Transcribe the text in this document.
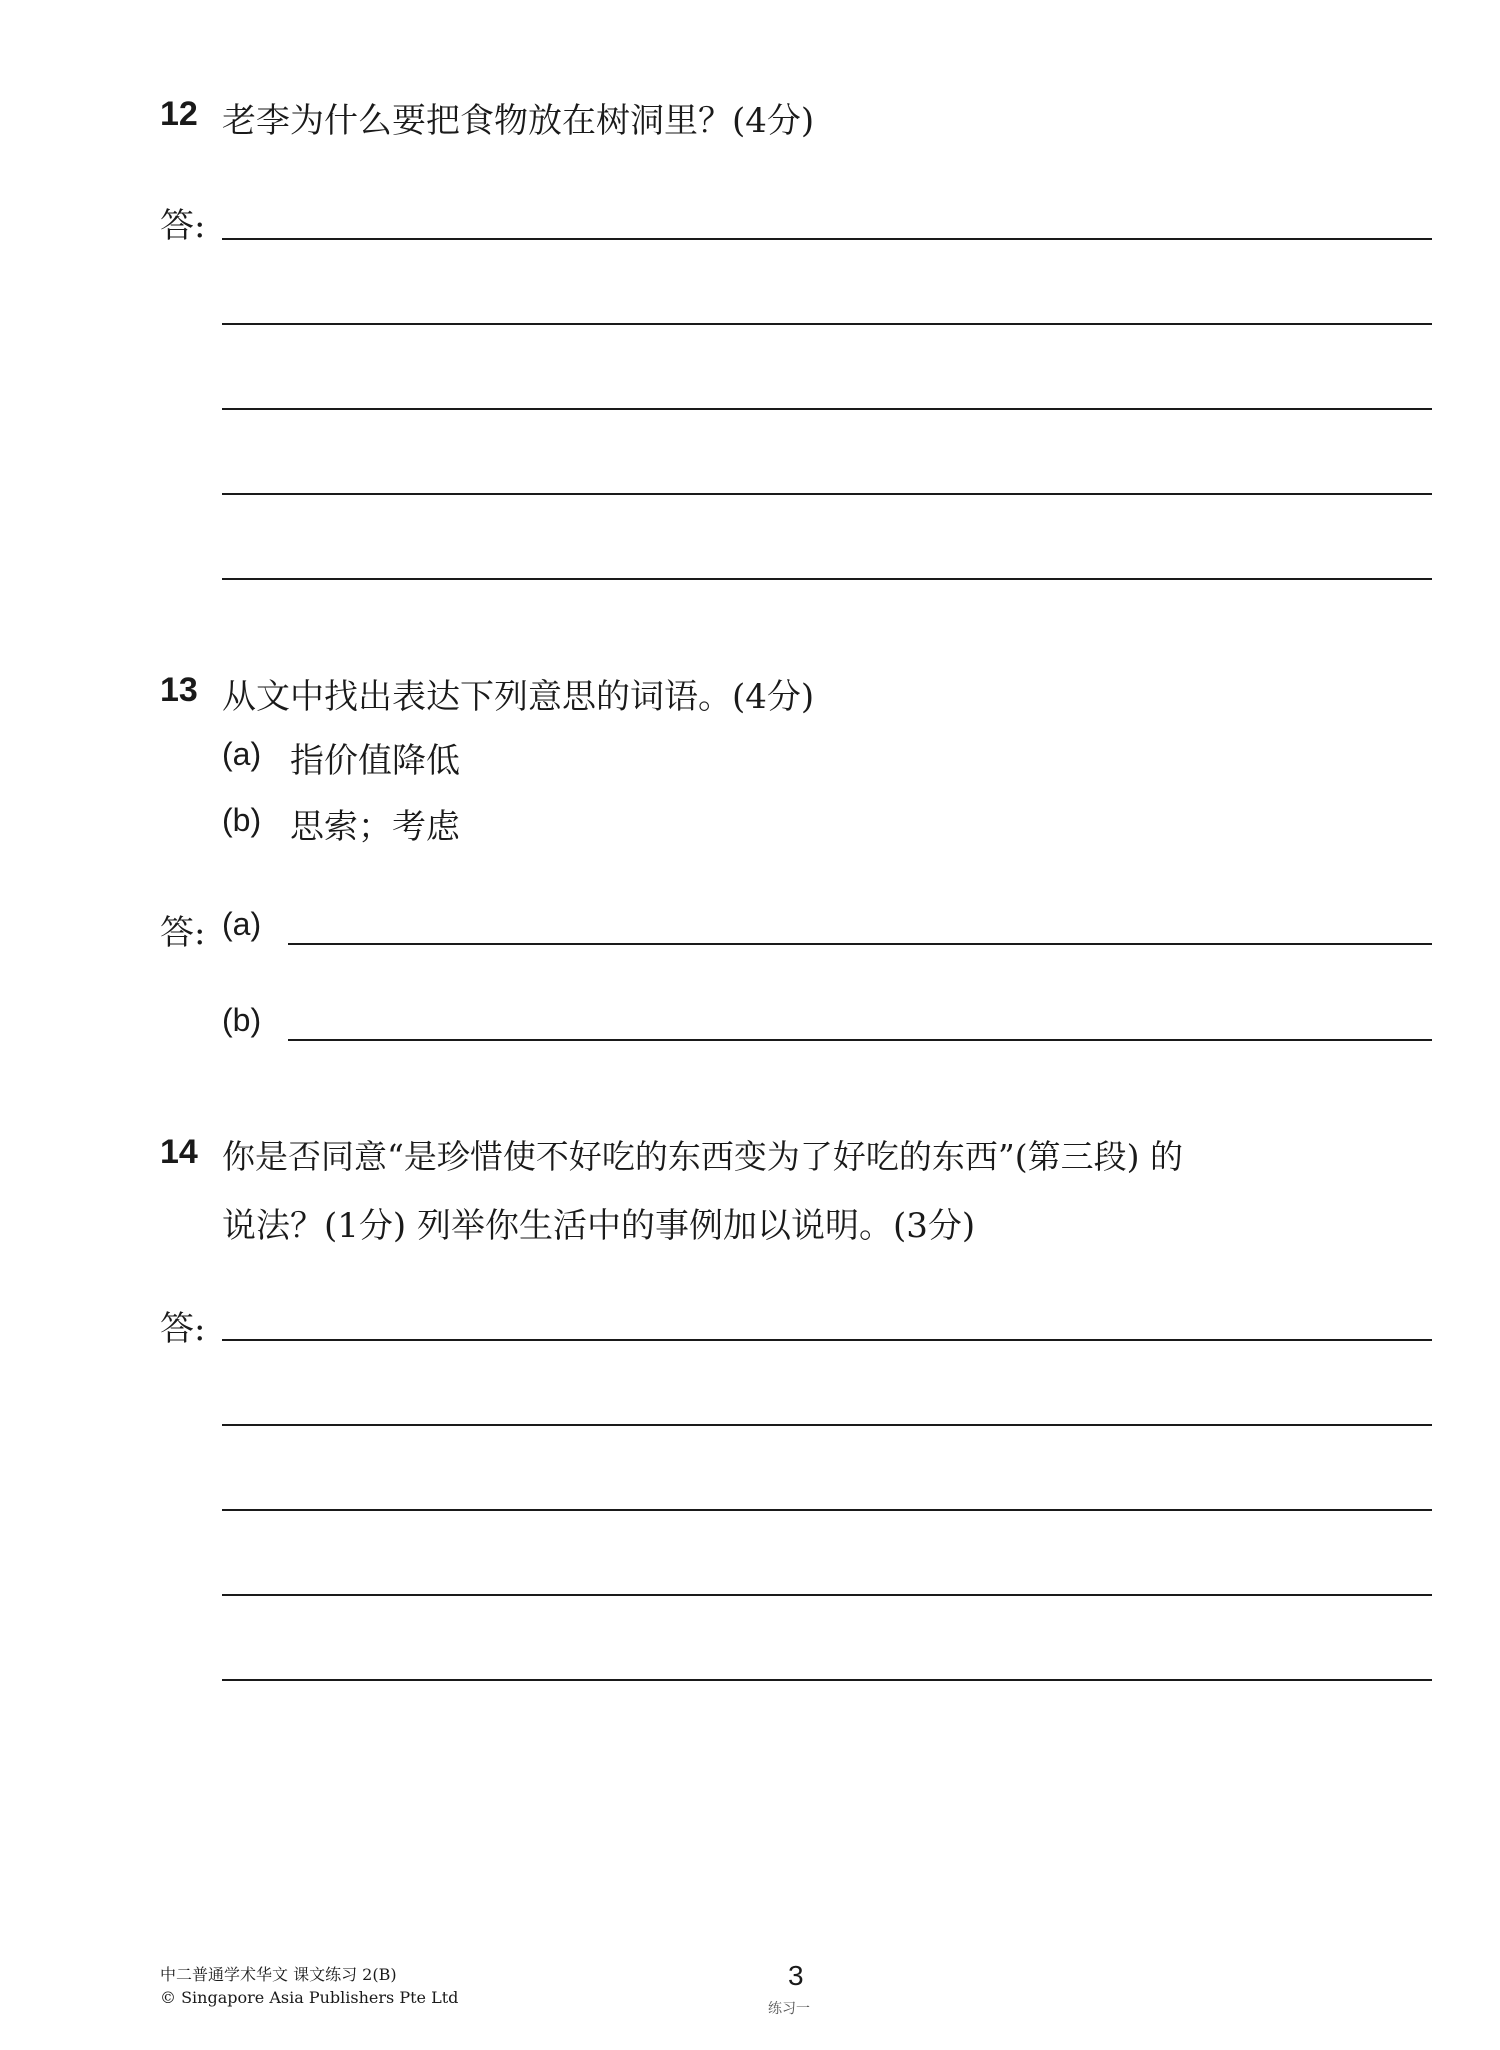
12 老李为什么要把食物放在树洞里？(4分)
答:
13 从文中找出表达下列意思的词语。(4分)
(a) 指价值降低
(b) 思索；考虑
答: (a)
(b)
14 你是否同意“是珍惜使不好吃的东西变为了好吃的东西”(第三段) 的
说法？(1分) 列举你生活中的事例加以说明。(3分)
答:
中二普通学术华文 课文练习 2(B)
© Singapore Asia Publishers Pte Ltd
3
练习一
